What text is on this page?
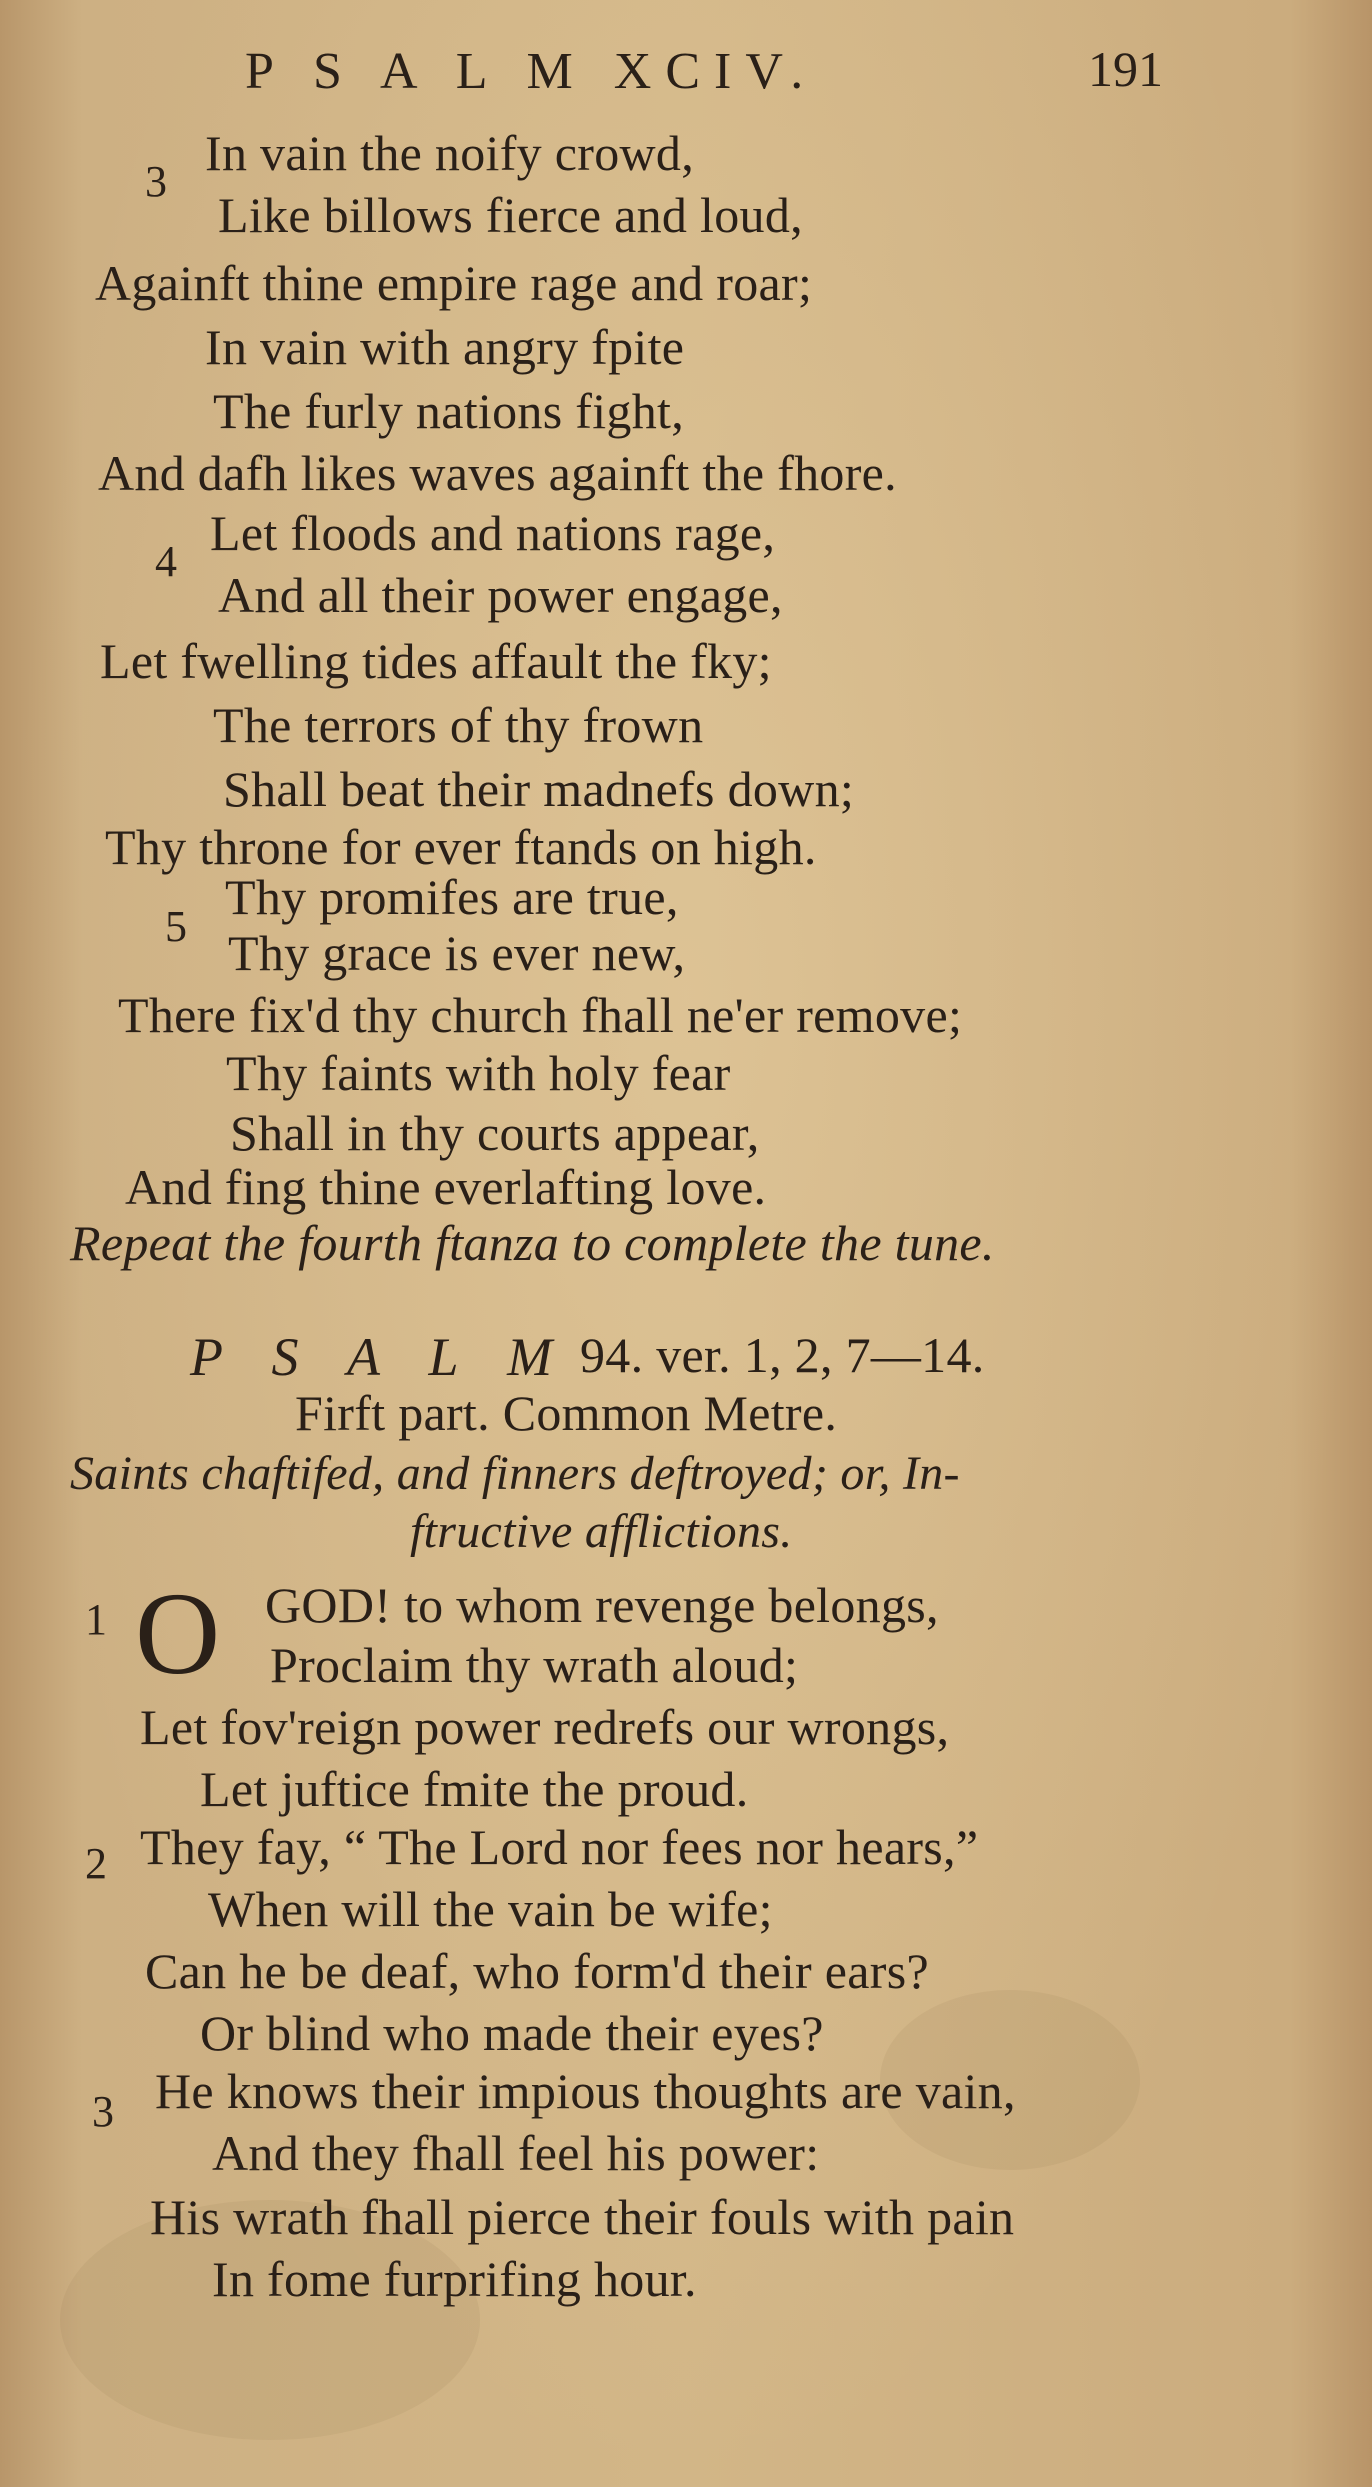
P S A L M XCIV.	191
3
In vain the noify crowd,
Like billows fierce and loud,
Againft thine empire rage and roar;
In vain with angry fpite
The furly nations fight,
And dafh likes waves againft the fhore.
4
Let floods and nations rage,
And all their power engage,
Let fwelling tides affault the fky;
The terrors of thy frown
Shall beat their madnefs down;
Thy throne for ever ftands on high.
5
Thy promifes are true,
Thy grace is ever new,
There fix'd thy church fhall ne'er remove;
Thy faints with holy fear
Shall in thy courts appear,
And fing thine everlafting love.
Repeat the fourth ftanza to complete the tune.
P S A L M 94. ver. 1, 2, 7—14.
Firft part. Common Metre.
Saints chaftifed, and finners deftroyed; or, In-
ftructive afflictions.
1 O GOD! to whom revenge belongs,
Proclaim thy wrath aloud;
Let fov'reign power redrefs our wrongs,
Let juftice fmite the proud.
2 They fay, “ The Lord nor fees nor hears,”
When will the vain be wife;
Can he be deaf, who form'd their ears?
Or blind who made their eyes?
3 He knows their impious thoughts are vain,
And they fhall feel his power:
His wrath fhall pierce their fouls with pain
In fome furprifing hour.
